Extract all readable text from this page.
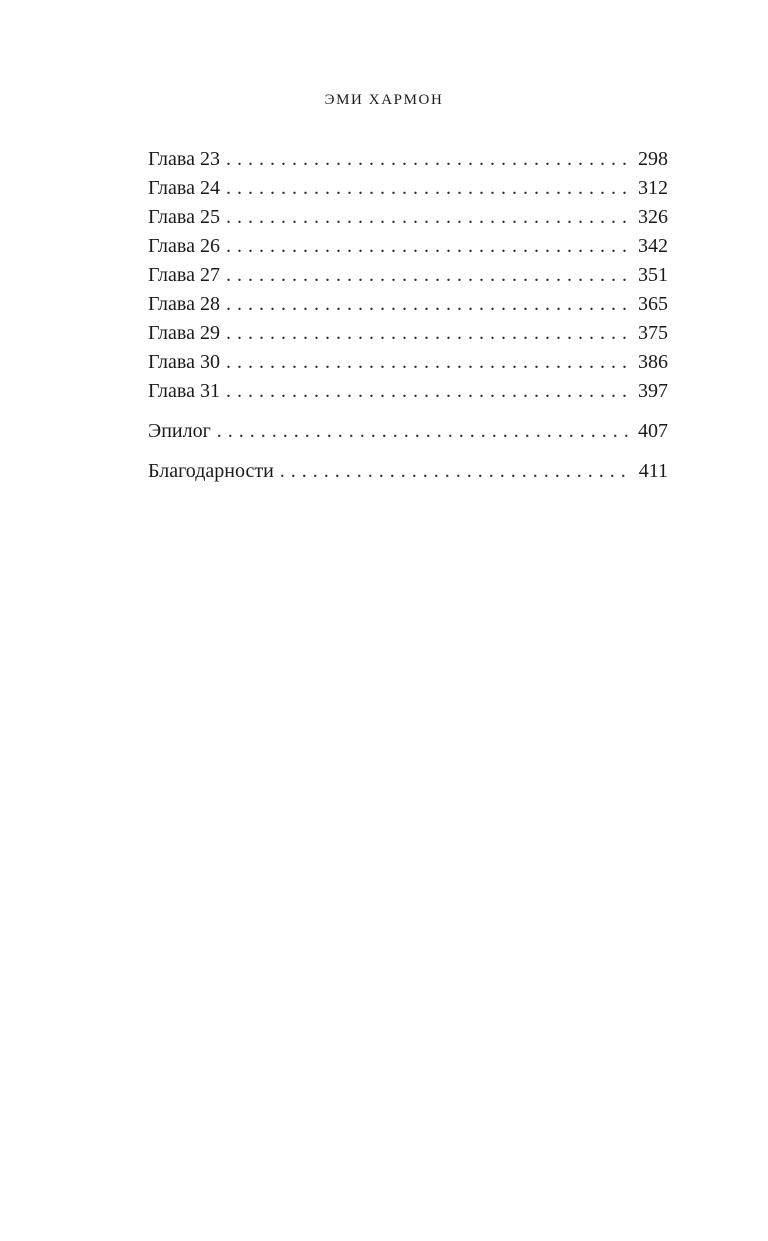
ЭМИ ХАРМОН
Глава 23 . . .	298
Глава 24 . . .	312
Глава 25 . . .	326
Глава 26 . . .	342
Глава 27 . . .	351
Глава 28 . . .	365
Глава 29 . . .	375
Глава 30 . . .	386
Глава 31 . . .	397
Эпилог . . .	407
Благодарности . . .	411
